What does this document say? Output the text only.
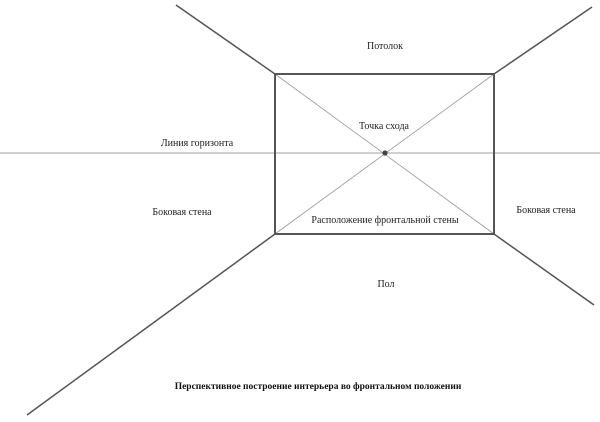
Потолок
Точка схода
Линия горизонта
Боковая стена	Боковая стена
Расположение фронтальной стены
Пол
Перспективное построение интерьера во фронтальном положении
